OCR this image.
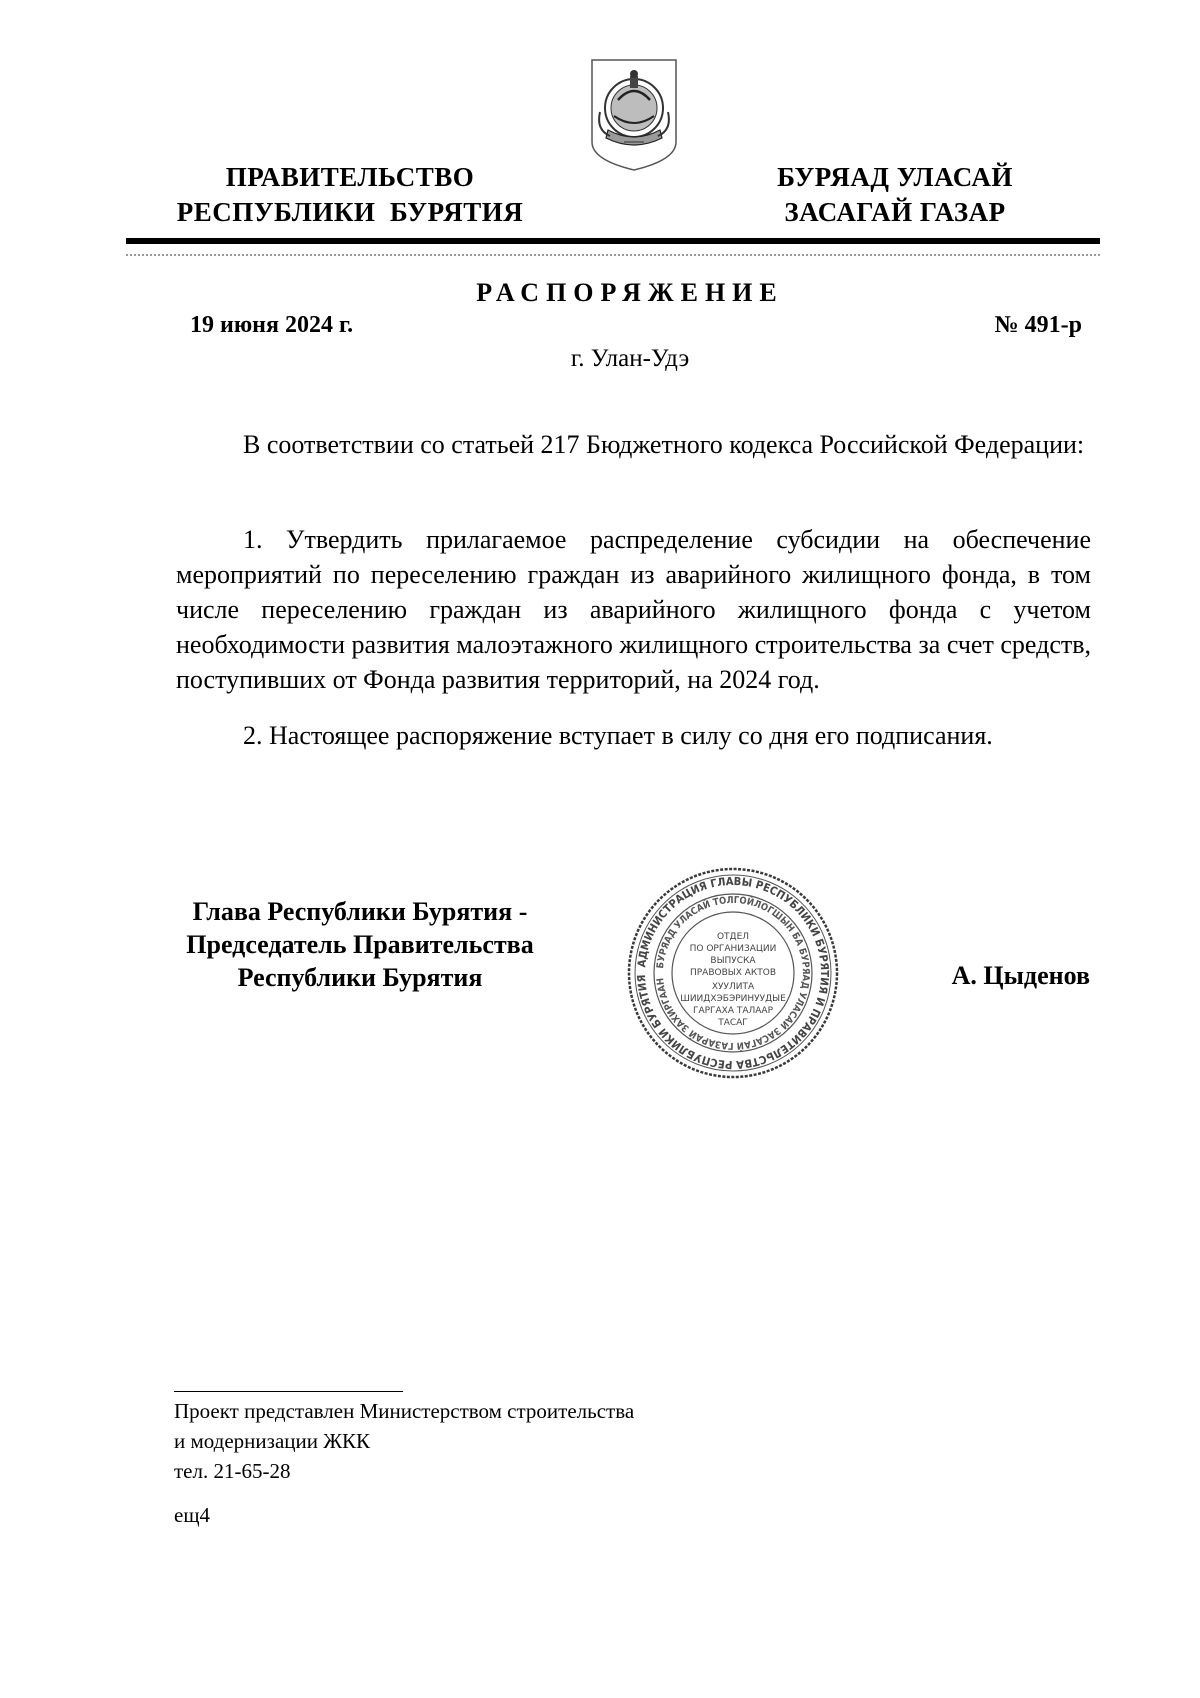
ПРАВИТЕЛЬСТВО
РЕСПУБЛИКИ  БУРЯТИЯ
БУРЯАД УЛАСАЙ
ЗАСАГАЙ ГАЗАР
РАСПОРЯЖЕНИЕ
19 июня 2024 г.	№ 491-р
г. Улан-Удэ
В соответствии со статьей 217 Бюджетного кодекса Российской Федерации:
1. Утвердить прилагаемое распределение субсидии на обеспечение мероприятий по переселению граждан из аварийного жилищного фонда, в том числе переселению граждан из аварийного жилищного фонда с учетом необходимости развития малоэтажного жилищного строительства за счет средств, поступивших от Фонда развития территорий, на 2024 год.
2. Настоящее распоряжение вступает в силу со дня его подписания.
Глава Республики Бурятия -
Председатель Правительства
Республики Бурятия	А. Цыденов
АДМИНИСТРАЦИЯ ГЛАВЫ РЕСПУБЛИКИ БУРЯТИЯ И ПРАВИТЕЛЬСТВА РЕСПУБЛИКИ БУРЯТИЯ
БУРЯАД УЛАСАЙ ТОЛГОЙЛОГШЫН БА БУРЯАД УЛАСАЙ ЗАСАГАЙ ГАЗАРАЙ ЗАХИРГААН
ОТДЕЛ
ПО ОРГАНИЗАЦИИ
ВЫПУСКА
ПРАВОВЫХ АКТОВ
ХУУЛИТА
ШИИДХЭБЭРИНУУДЫЕ
ГАРГАХА ТАЛААР
ТАСАГ
Проект представлен Министерством строительства
и модернизации ЖКК
тел. 21-65-28
ещ4
